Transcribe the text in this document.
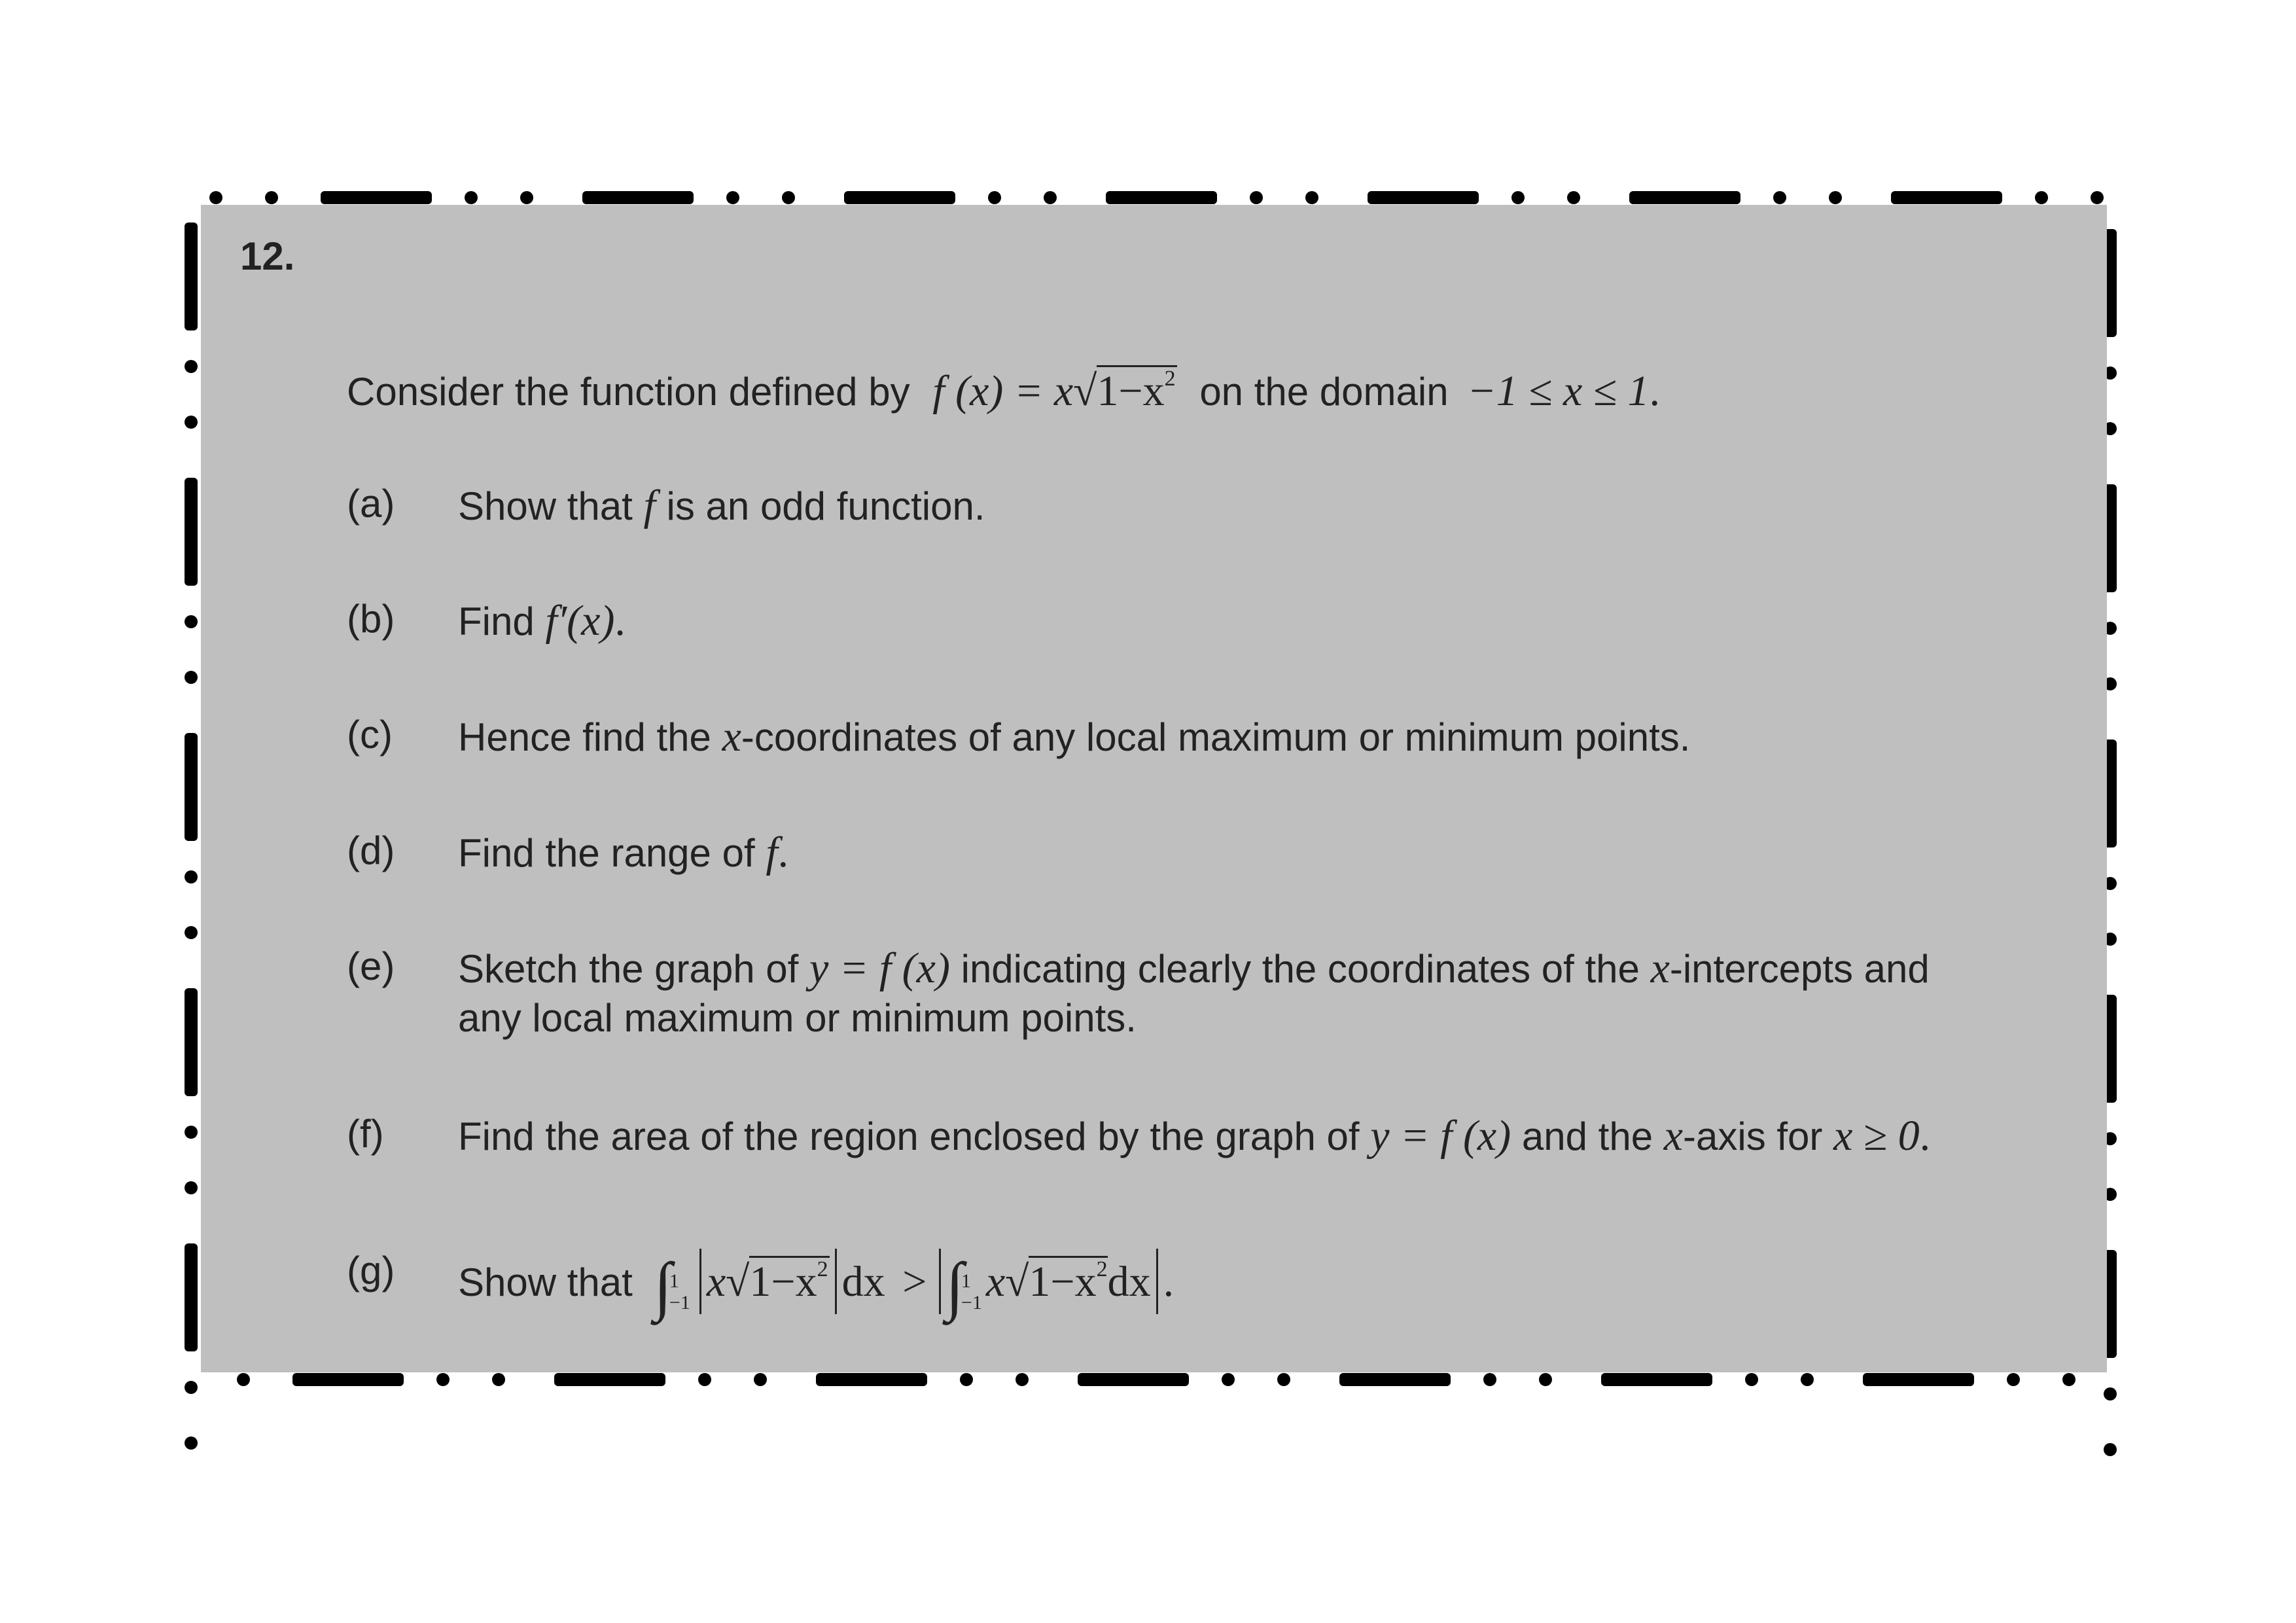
12.
Consider the function defined by f $(x) = x√1-x^2$ on the domain −1 ≤ x ≤ 1.
(a) Show that f is an odd function.
(b) Find f′(x).
(c) Hence find the x-coordinates of any local maximum or minimum points.
(d) Find the range of f.
(e) Sketch the graph of y = f (x) indicating clearly the coordinates of the x-intercepts and
any local maximum or minimum points.
(f) Find the area of the region enclosed by the graph of y = f (x) and the x-axis for x ≥ 0.
(g) Show that ∫1
−1 $x√1-x^2$ dx > ∫1
$-1x√1-x^2dx$ .
